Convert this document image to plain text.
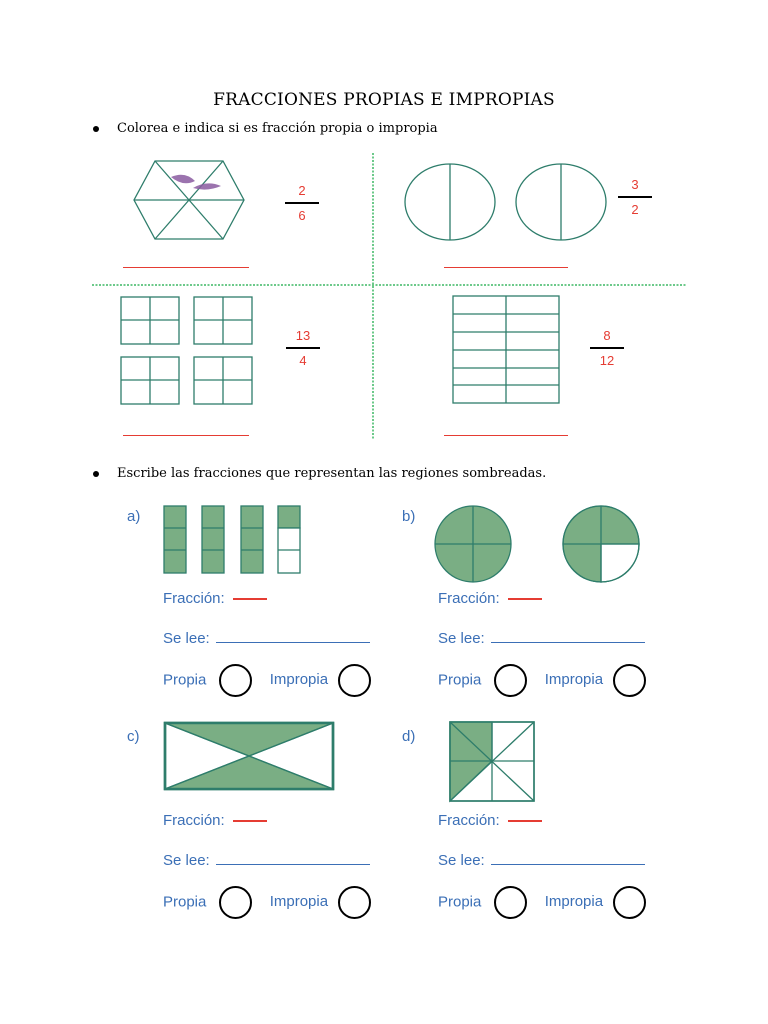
FRACCIONES PROPIAS E IMPROPIAS
Colorea e indica si es fracción propia o impropia
2
6
3
2
13
4
8
12
Escribe las fracciones que representan las regiones sombreadas.
a)
Fracción:
Se lee:
Propia	Impropia
b)
Fracción:
Se lee:
Propia	Impropia
c)
Fracción:
Se lee:
Propia	Impropia
d)
Fracción:
Se lee:
Propia	Impropia
